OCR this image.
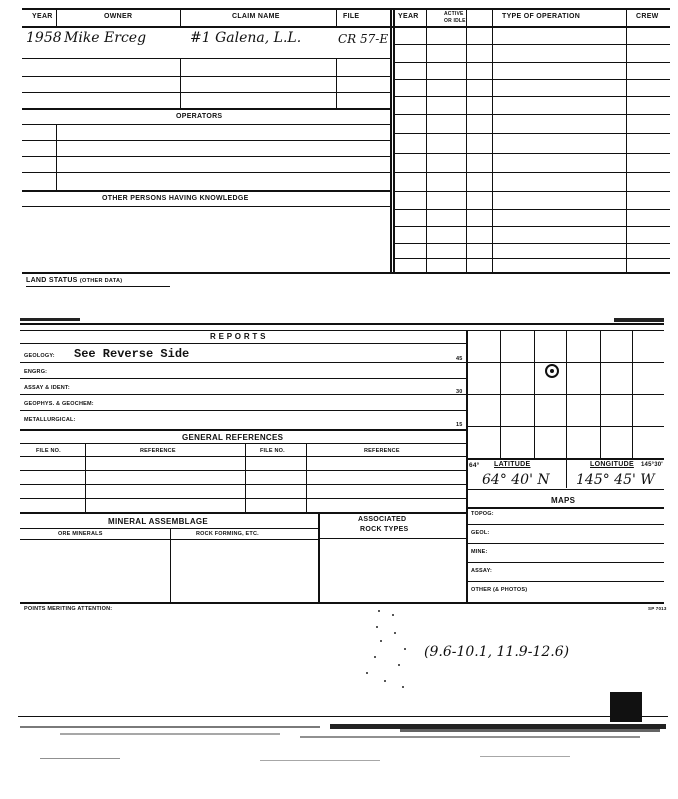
YEAR	OWNER	CLAIM NAME	FILE	YEAR	ACTIVE
OR IDLE
TYPE OF OPERATION	CREW
1958 Mike Erceg	#1 Galena, L.L.	CR 57-E
OPERATORS
OTHER PERSONS HAVING KNOWLEDGE
LAND STATUS (OTHER DATA)
R E P O R T S
GEOLOGY: See Reverse Side
ENGRG:
ASSAY & IDENT:
GEOPHYS. & GEOCHEM:
METALLURGICAL:
45
30
15
GENERAL REFERENCES
FILE NO.	REFERENCE	FILE NO.	REFERENCE
64° LATITUDE	LONGITUDE 145°30'
64° 40' N 145° 45' W
MAPS
TOPOG:
GEOL:
MINE:
ASSAY:
OTHER (& PHOTOS)
MINERAL ASSEMBLAGE
ORE MINERALS	ROCK FORMING, ETC.
ASSOCIATED
ROCK TYPES
POINTS MERITING ATTENTION:	SP 7013
(9.6-10.1, 11.9-12.6)
